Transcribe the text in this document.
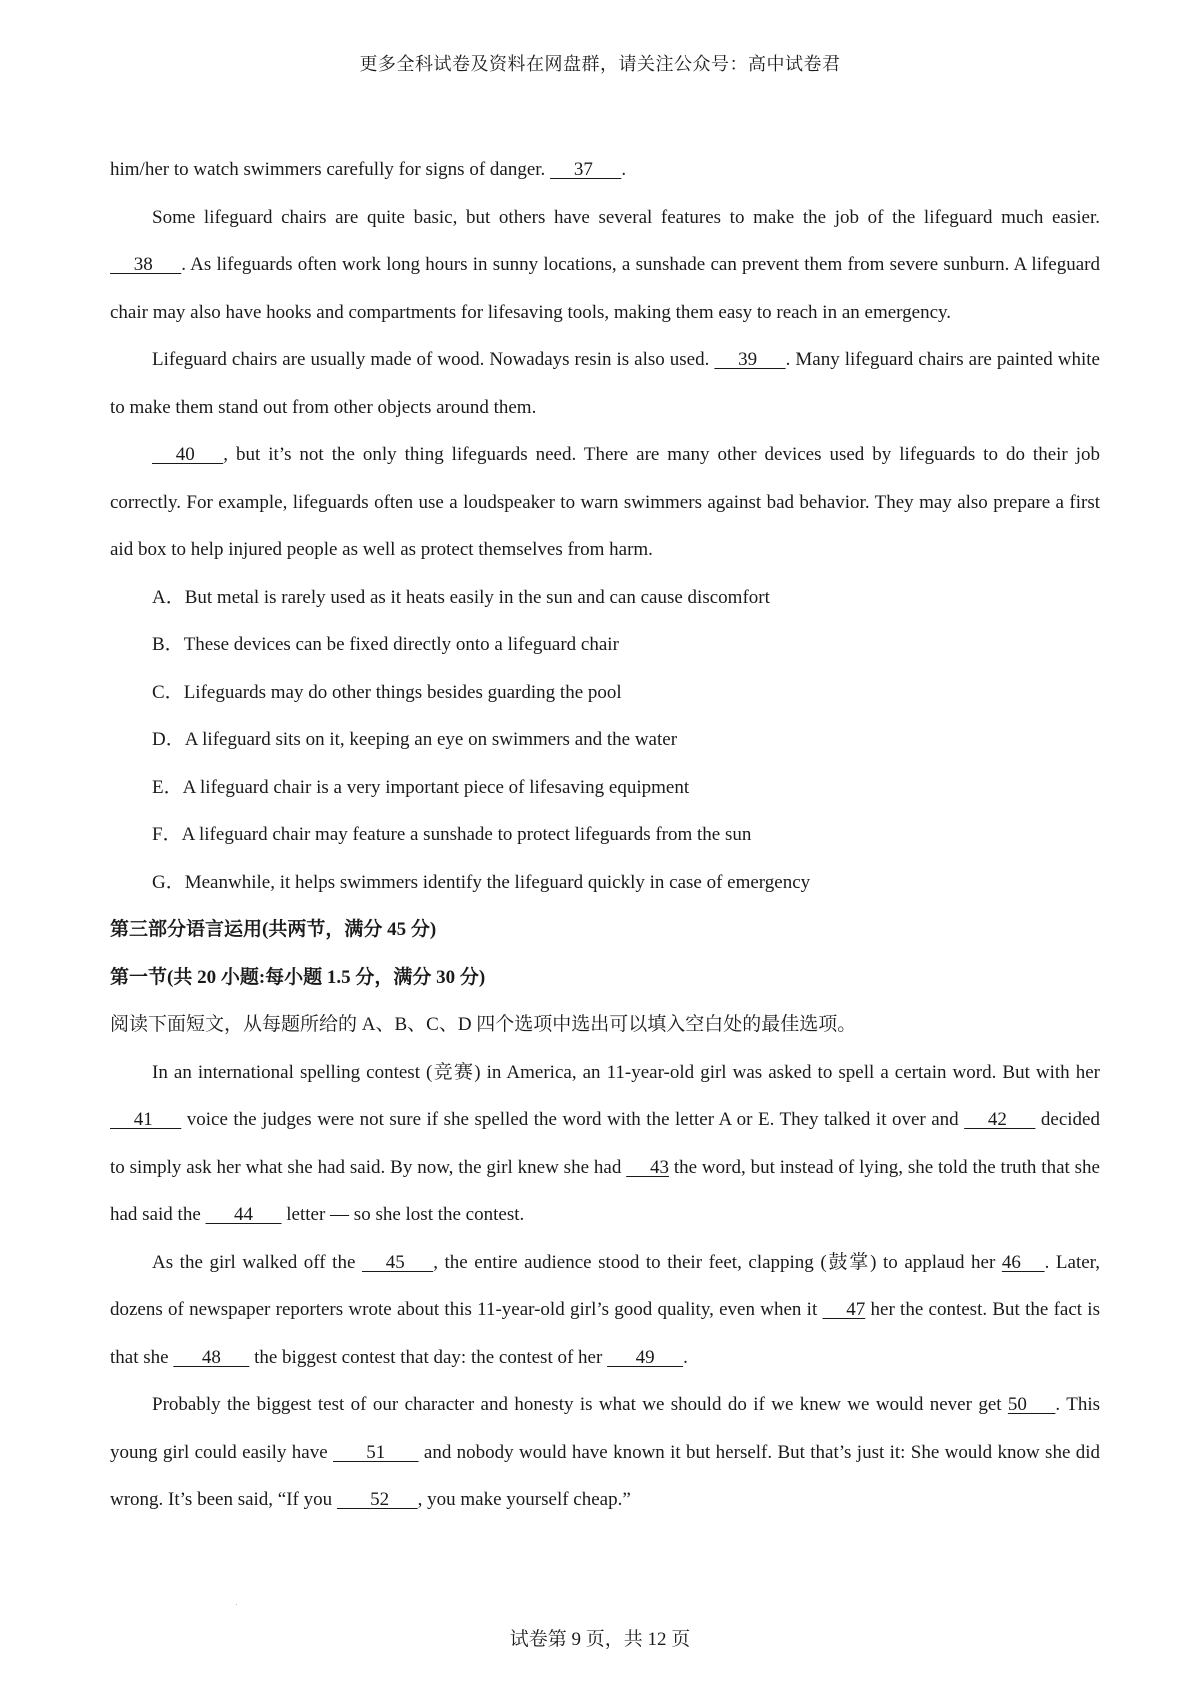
更多全科试卷及资料在网盘群，请关注公众号：高中试卷君

him/her to watch swimmers carefully for signs of danger.      37      .

Some lifeguard chairs are quite basic, but others have several features to make the job of the lifeguard much easier.      38      . As lifeguards often work long hours in sunny locations, a sunshade can prevent them from severe sunburn. A lifeguard chair may also have hooks and compartments for lifesaving tools, making them easy to reach in an emergency.

Lifeguard chairs are usually made of wood. Nowadays resin is also used.      39      . Many lifeguard chairs are painted white to make them stand out from other objects around them.

40      , but it’s not the only thing lifeguards need. There are many other devices used by lifeguards to do their job correctly. For example, lifeguards often use a loudspeaker to warn swimmers against bad behavior. They may also prepare a first aid box to help injured people as well as protect themselves from harm.

A．But metal is rarely used as it heats easily in the sun and can cause discomfort

B．These devices can be fixed directly onto a lifeguard chair

C．Lifeguards may do other things besides guarding the pool

D．A lifeguard sits on it, keeping an eye on swimmers and the water

E．A lifeguard chair is a very important piece of lifesaving equipment

F．A lifeguard chair may feature a sunshade to protect lifeguards from the sun

G．Meanwhile, it helps swimmers identify the lifeguard quickly in case of emergency

第三部分语言运用(共两节，满分 45 分)

第一节(共 20 小题:每小题 1.5 分，满分 30 分)

阅读下面短文，从每题所给的 A、B、C、D 四个选项中选出可以填入空白处的最佳选项。

In an international spelling contest (竞赛) in America, an 11-year-old girl was asked to spell a certain word. But with her      41       voice the judges were not sure if she spelled the word with the letter A or E. They talked it over and      42       decided to simply ask her what she had said. By now, the girl knew she had      43 the word, but instead of lying, she told the truth that she had said the       44       letter — so she lost the contest.

As the girl walked off the      45      , the entire audience stood to their feet, clapping (鼓掌) to applaud her 46     . Later, dozens of newspaper reporters wrote about this 11-year-old girl’s good quality, even when it      47 her the contest. But the fact is that she       48       the biggest contest that day: the contest of her       49      .

Probably the biggest test of our character and honesty is what we should do if we knew we would never get 50      . This young girl could easily have        51        and nobody would have known it but herself. But that’s just it: She would know she did wrong. It’s been said, “If you        52      , you make yourself cheap.”

试卷第 9 页，共 12 页
